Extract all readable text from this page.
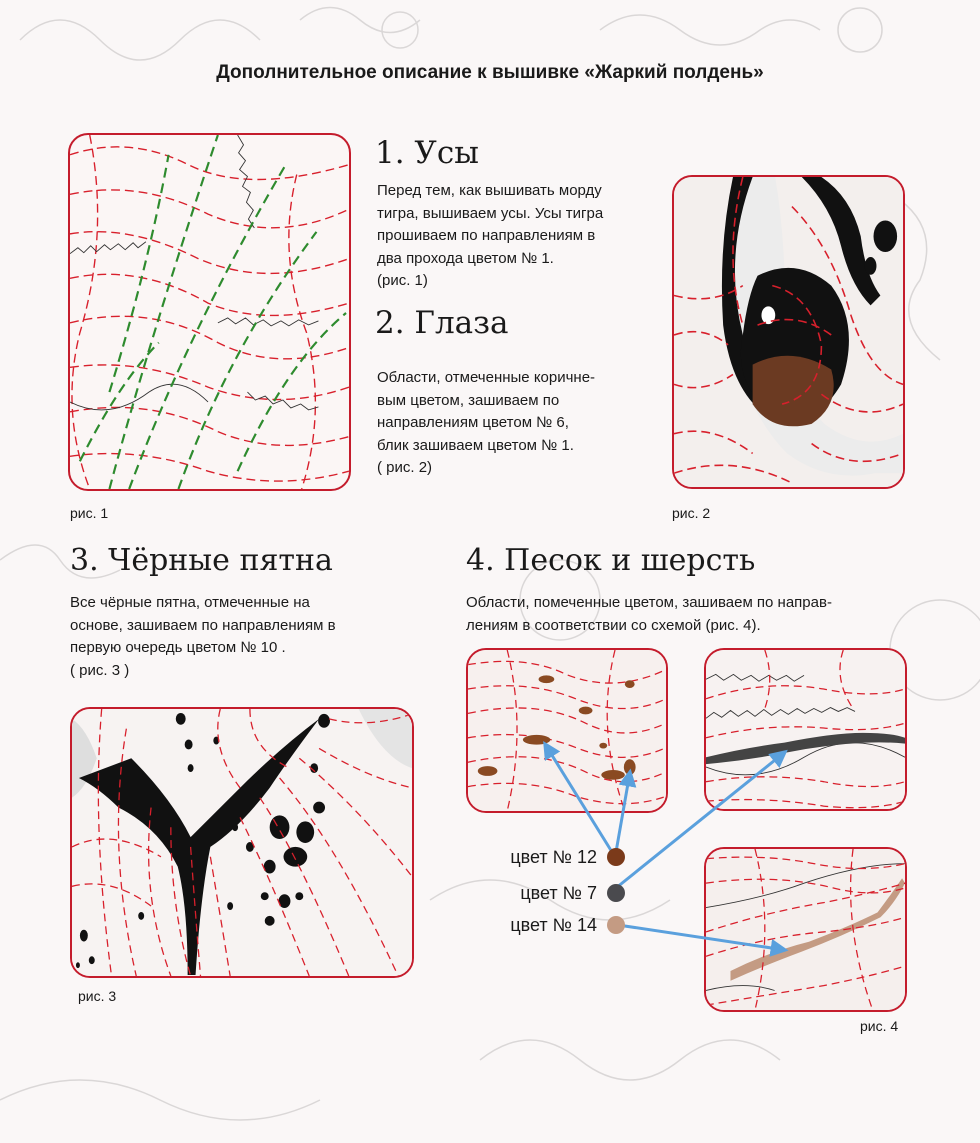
Дополнительное описание к вышивке «Жаркий полдень»
1. Усы
Перед тем, как вышивать морду
тигра, вышиваем усы. Усы тигра
прошиваем по направлениям в
два прохода цветом № 1.
(рис. 1)
2. Глаза
Области, отмеченные коричне-
вым цветом, зашиваем по
направлениям цветом № 6,
блик зашиваем цветом № 1.
( рис. 2)
рис. 1	рис. 2
3. Чёрные пятна
Все чёрные пятна, отмеченные на
основе, зашиваем по направлениям в
первую очередь цветом № 10 .
( рис. 3 )
рис. 3
4. Песок и шерсть
Области, помеченные цветом, зашиваем по направ-
лениям в соответствии со схемой (рис. 4).
цвет № 12
цвет № 7
цвет № 14
рис. 4
